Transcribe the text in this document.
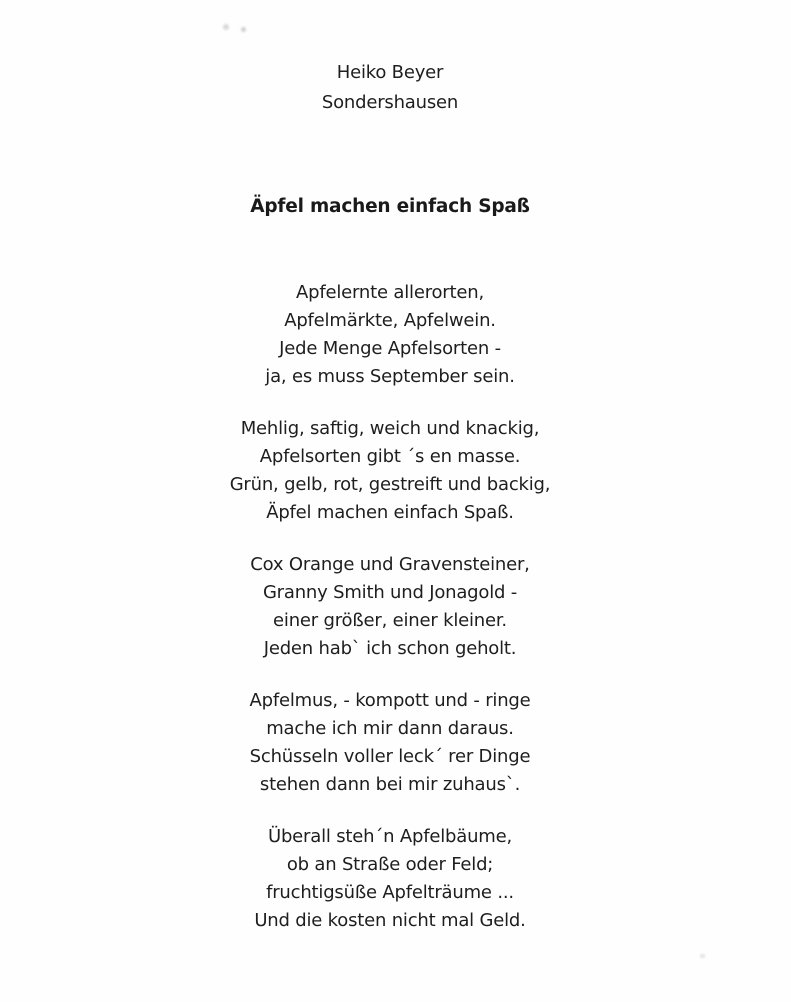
Heiko Beyer
Sondershausen
Äpfel machen einfach Spaß
Apfelernte allerorten,
Apfelmärkte, Apfelwein.
Jede Menge Apfelsorten -
ja, es muss September sein.
Mehlig, saftig, weich und knackig,
Apfelsorten gibt ´s en masse.
Grün, gelb, rot, gestreift und backig,
Äpfel machen einfach Spaß.
Cox Orange und Gravensteiner,
Granny Smith und Jonagold -
einer größer, einer kleiner.
Jeden hab` ich schon geholt.
Apfelmus, - kompott und - ringe
mache ich mir dann daraus.
Schüsseln voller leck´ rer Dinge
stehen dann bei mir zuhaus`.
Überall steh´n Apfelbäume,
ob an Straße oder Feld;
fruchtigsüße Apfelträume ...
Und die kosten nicht mal Geld.
